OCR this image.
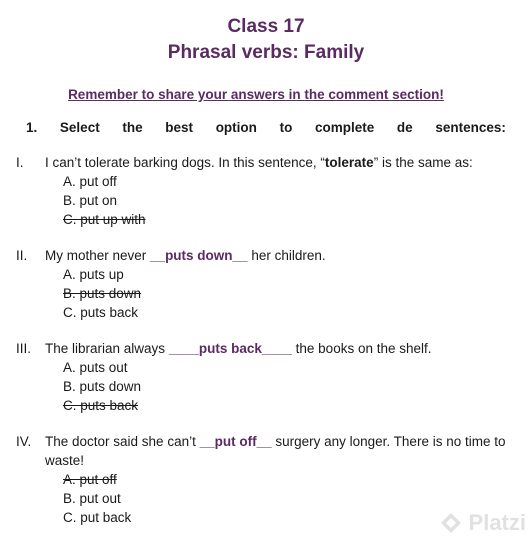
Class 17
Phrasal verbs: Family
Remember to share your answers in the comment section!
1. Select the best option to complete de sentences:
I. I can’t tolerate barking dogs. In this sentence, “tolerate” is the same as:
A. put off
B. put on
C. put up with
II. My mother never __puts down__ her children.
A. puts up
B. puts down
C. puts back
III. The librarian always ____puts back____ the books on the shelf.
A. puts out
B. puts down
C. puts back
IV. The doctor said she can’t __put off__ surgery any longer. There is no time to waste!
A. put off
B. put out
C. put back	Platzi
